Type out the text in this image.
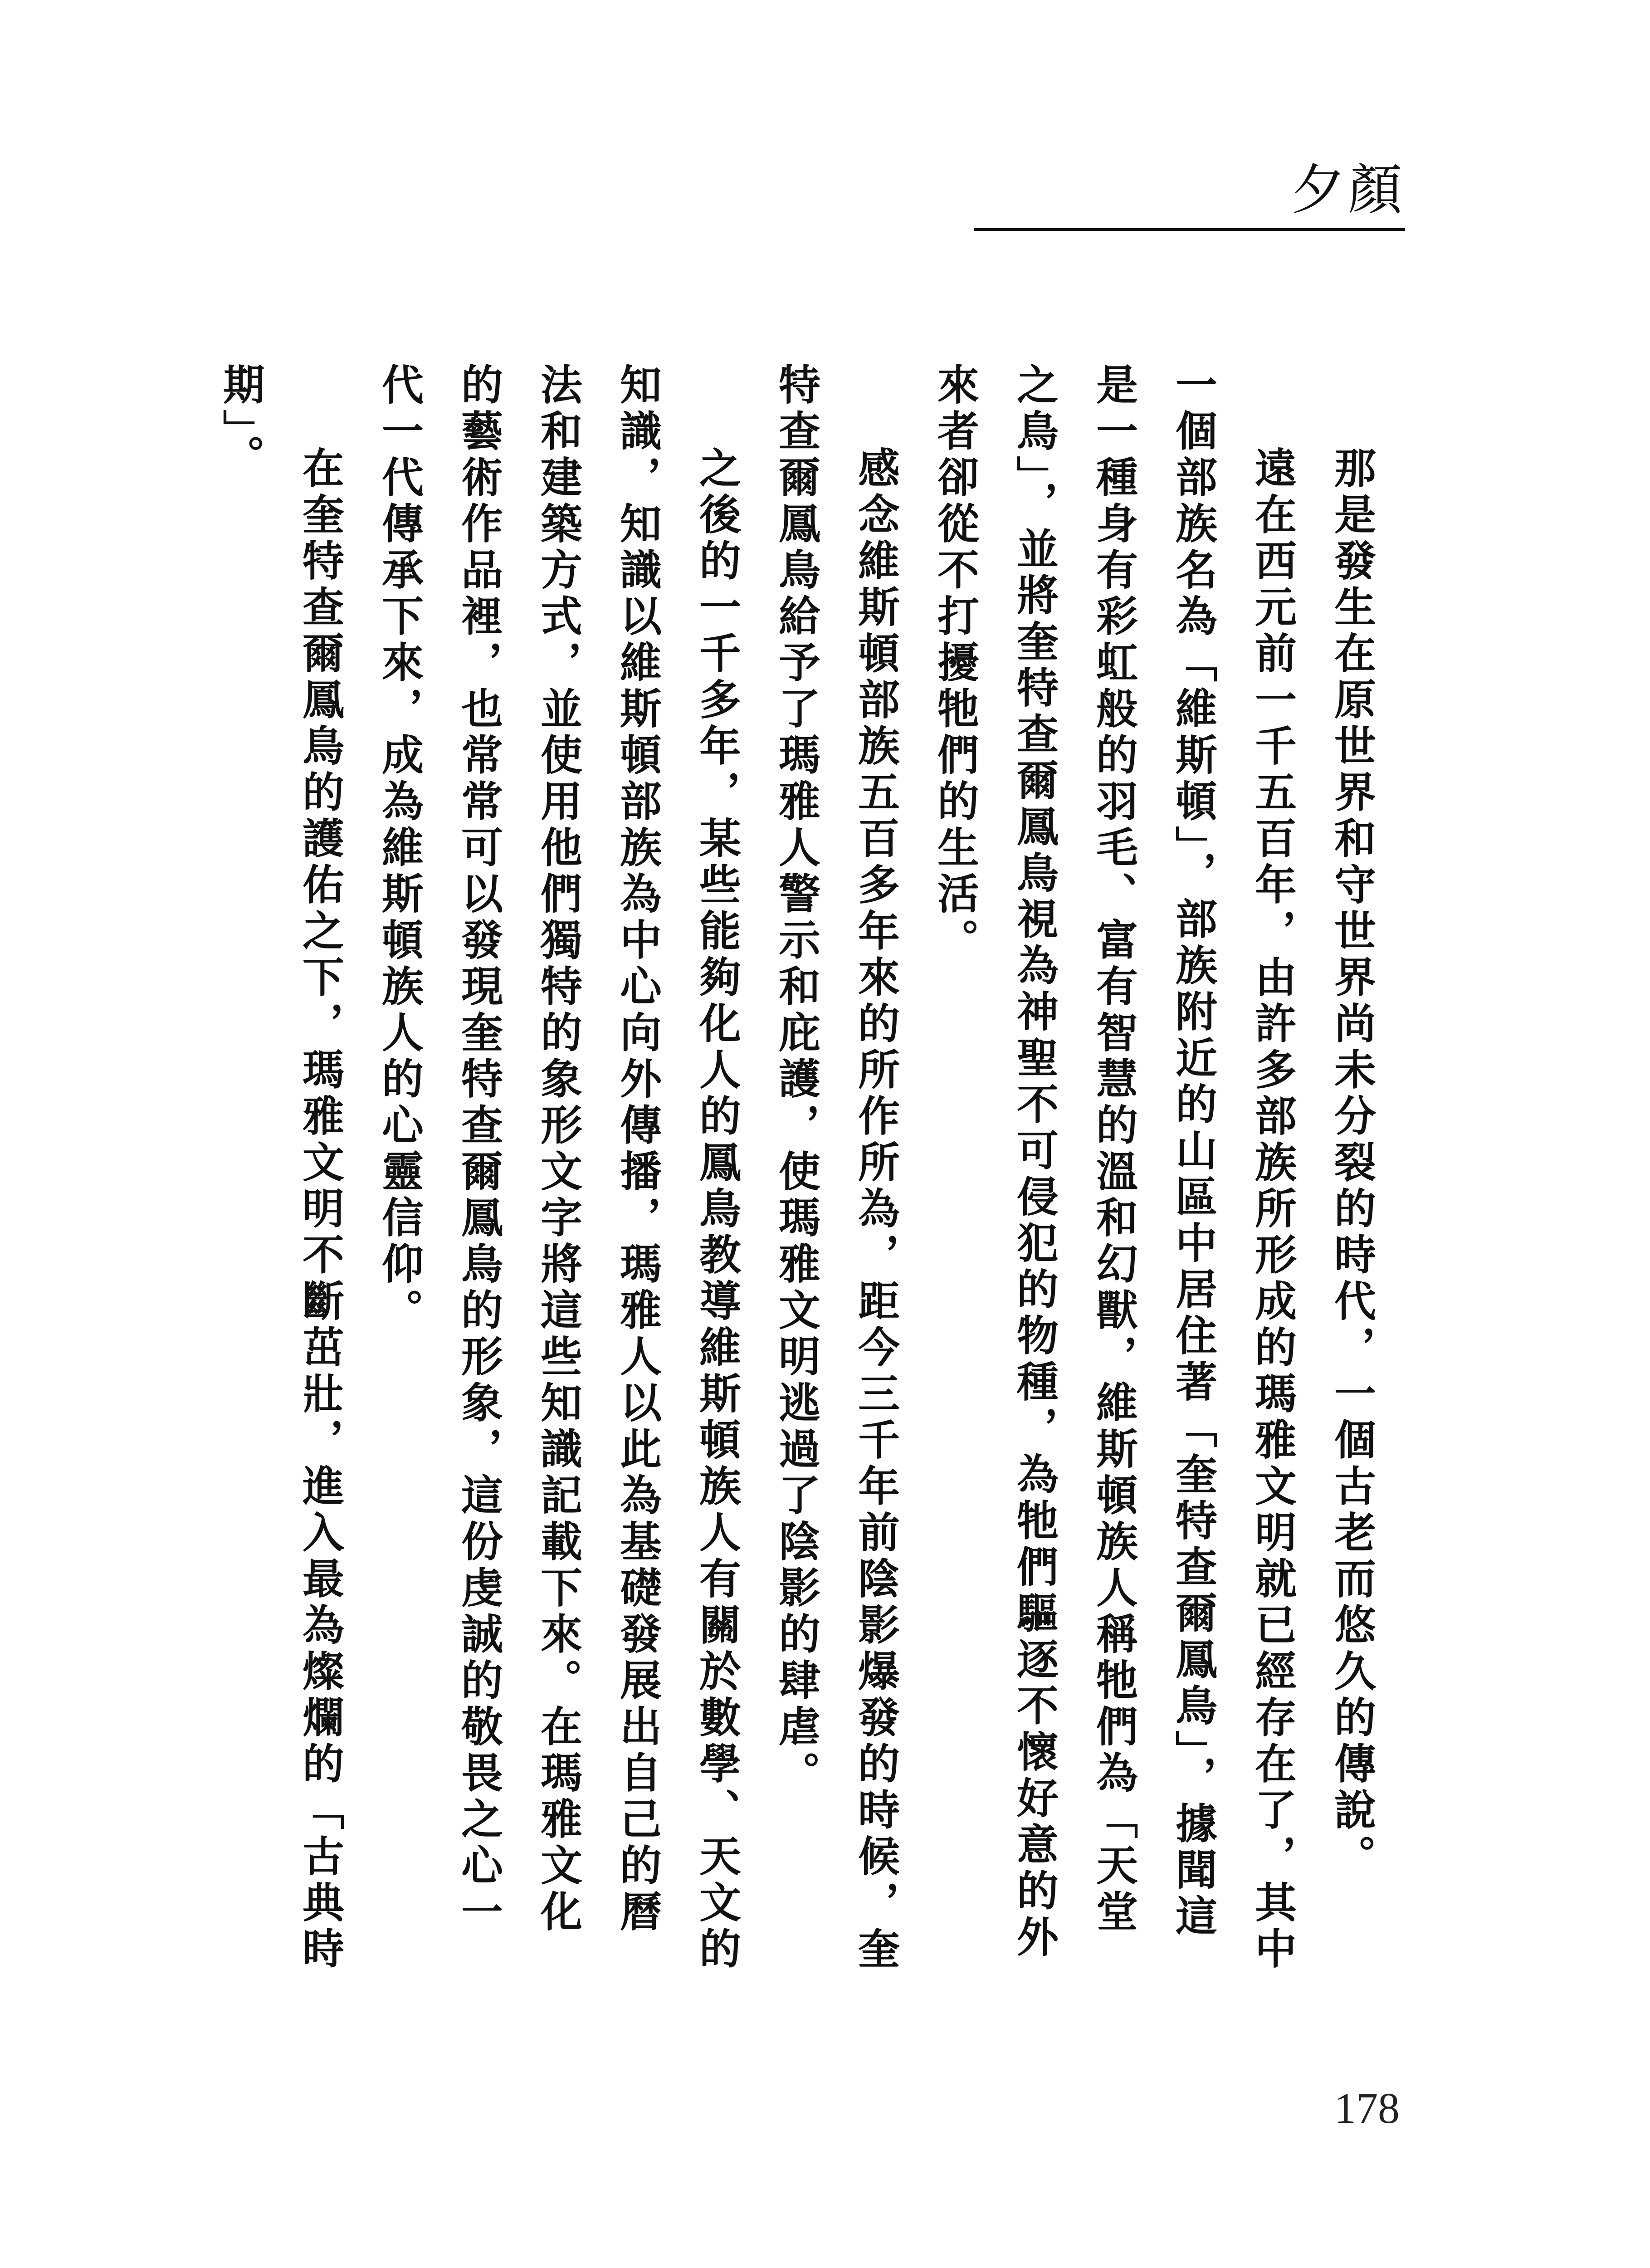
夕顏

那是發生在原世界和守世界尚未分裂的時代，一個古老而悠久的傳說。

遠在西元前一千五百年，由許多部族所形成的瑪雅文明就已經存在了，其中一個部族名為「維斯頓」，部族附近的山區中居住著「奎特查爾鳳鳥」，據聞這是一種身有彩虹般的羽毛、富有智慧的溫和幻獸，維斯頓族人稱牠們為「天堂之鳥」，並將奎特查爾鳳鳥視為神聖不可侵犯的物種，為牠們驅逐不懷好意的外來者卻從不打擾牠們的生活。

感念維斯頓部族五百多年來的所作所為，距今三千年前陰影爆發的時候，奎特查爾鳳鳥給予了瑪雅人警示和庇護，使瑪雅文明逃過了陰影的肆虐。

之後的一千多年，某些能夠化人的鳳鳥教導維斯頓族人有關於數學、天文的知識，知識以維斯頓部族為中心向外傳播，瑪雅人以此為基礎發展出自己的曆法和建築方式，並使用他們獨特的象形文字將這些知識記載下來。在瑪雅文化的藝術作品裡，也常常可以發現奎特查爾鳳鳥的形象，這份虔誠的敬畏之心一代一代傳承下來，成為維斯頓族人的心靈信仰。

在奎特查爾鳳鳥的護佑之下，瑪雅文明不斷茁壯，進入最為燦爛的「古典時期」。

178
